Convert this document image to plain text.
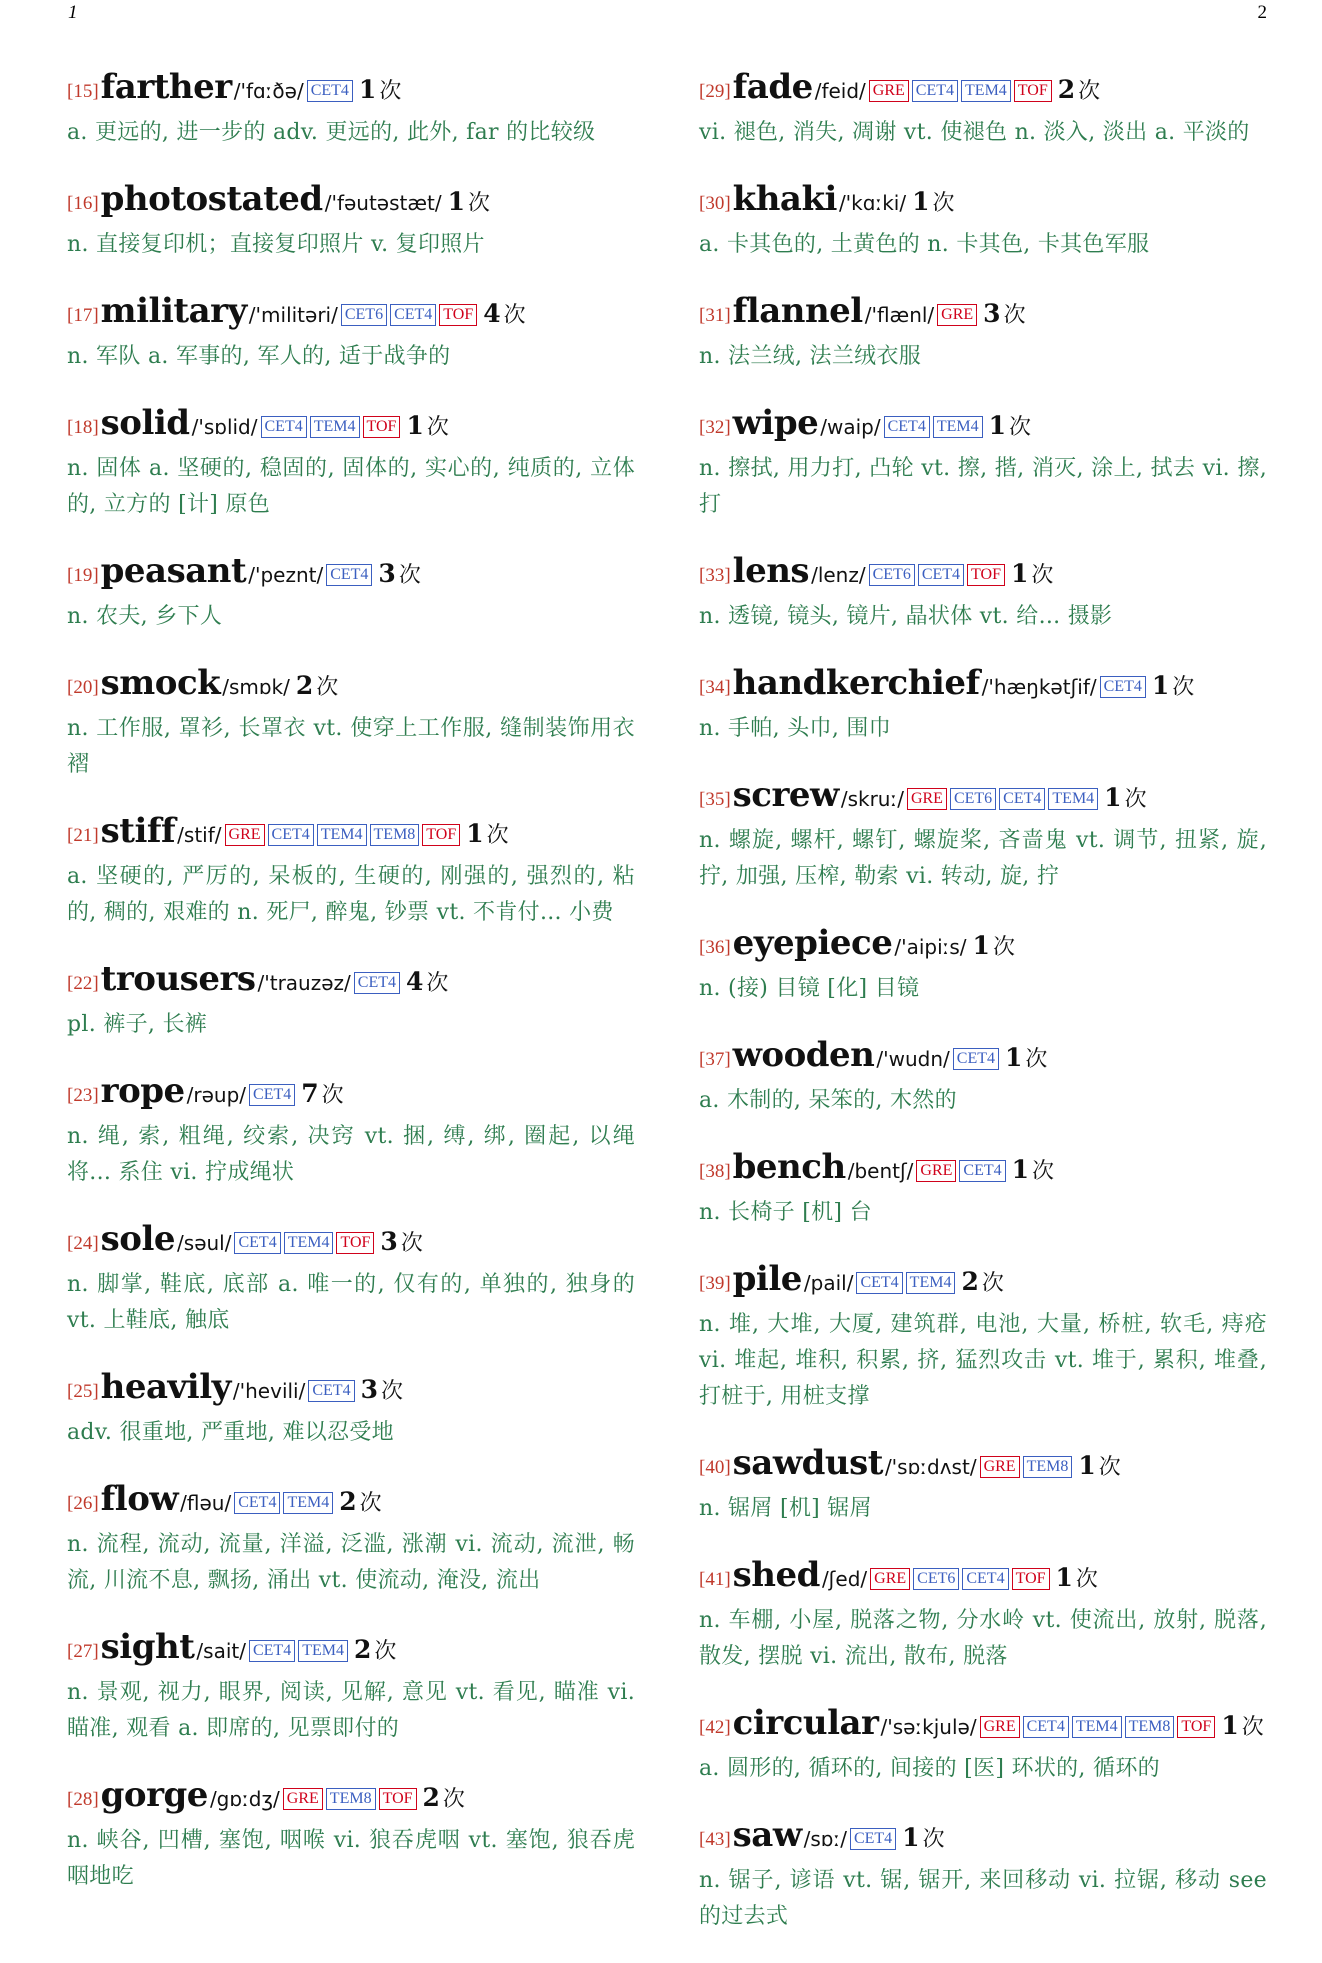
1	2
[15]farther /'fɑːðə/ CET4 1 次
a. 更远的, 进一步的 adv. 更远的, 此外, far 的比较级
[16]photostated /'fəutəstæt/ 1 次
n. 直接复印机；直接复印照片 v. 复印照片
[17]military /'militəri/ CET6 CET4 TOF 4 次
n. 军队 a. 军事的, 军人的, 适于战争的
[18]solid /'sɒlid/ CET4 TEM4 TOF 1 次
n. 固体 a. 坚硬的, 稳固的, 固体的, 实心的, 纯质的, 立体的, 立方的 [计] 原色
[19]peasant /'peznt/ CET4 3 次
n. 农夫, 乡下人
[20]smock /smɒk/ 2 次
n. 工作服, 罩衫, 长罩衣 vt. 使穿上工作服, 缝制装饰用衣褶
[21]stiff /stif/ GRE CET4 TEM4 TEM8 TOF 1 次
a. 坚硬的, 严厉的, 呆板的, 生硬的, 刚强的, 强烈的, 粘的, 稠的, 艰难的 n. 死尸, 醉鬼, 钞票 vt. 不肯付... 小费
[22]trousers /'trauzəz/ CET4 4 次
pl. 裤子, 长裤
[23]rope /rəup/ CET4 7 次
n. 绳, 索, 粗绳, 绞索, 决窍 vt. 捆, 缚, 绑, 圈起, 以绳将... 系住 vi. 拧成绳状
[24]sole /səul/ CET4 TEM4 TOF 3 次
n. 脚掌, 鞋底, 底部 a. 唯一的, 仅有的, 单独的, 独身的 vt. 上鞋底, 触底
[25]heavily /'hevili/ CET4 3 次
adv. 很重地, 严重地, 难以忍受地
[26]flow /fləu/ CET4 TEM4 2 次
n. 流程, 流动, 流量, 洋溢, 泛滥, 涨潮 vi. 流动, 流泄, 畅流, 川流不息, 飘扬, 涌出 vt. 使流动, 淹没, 流出
[27]sight /sait/ CET4 TEM4 2 次
n. 景观, 视力, 眼界, 阅读, 见解, 意见 vt. 看见, 瞄准 vi. 瞄准, 观看 a. 即席的, 见票即付的
[28]gorge /gɒːdʒ/ GRE TEM8 TOF 2 次
n. 峡谷, 凹槽, 塞饱, 咽喉 vi. 狼吞虎咽 vt. 塞饱, 狼吞虎咽地吃
[29]fade /feid/ GRE CET4 TEM4 TOF 2 次
vi. 褪色, 消失, 凋谢 vt. 使褪色 n. 淡入, 淡出 a. 平淡的
[30]khaki /'kɑːki/ 1 次
a. 卡其色的, 土黄色的 n. 卡其色, 卡其色军服
[31]flannel /'flænl/ GRE 3 次
n. 法兰绒, 法兰绒衣服
[32]wipe /waip/ CET4 TEM4 1 次
n. 擦拭, 用力打, 凸轮 vt. 擦, 揩, 消灭, 涂上, 拭去 vi. 擦, 打
[33]lens /lenz/ CET6 CET4 TOF 1 次
n. 透镜, 镜头, 镜片, 晶状体 vt. 给... 摄影
[34]handkerchief /'hæŋkətʃif/ CET4 1 次
n. 手帕, 头巾, 围巾
[35]screw /skruː/ GRE CET6 CET4 TEM4 1 次
n. 螺旋, 螺杆, 螺钉, 螺旋桨, 吝啬鬼 vt. 调节, 扭紧, 旋, 拧, 加强, 压榨, 勒索 vi. 转动, 旋, 拧
[36]eyepiece /'aipiːs/ 1 次
n. (接) 目镜 [化] 目镜
[37]wooden /'wudn/ CET4 1 次
a. 木制的, 呆笨的, 木然的
[38]bench /bentʃ/ GRE CET4 1 次
n. 长椅子 [机] 台
[39]pile /pail/ CET4 TEM4 2 次
n. 堆, 大堆, 大厦, 建筑群, 电池, 大量, 桥桩, 软毛, 痔疮 vi. 堆起, 堆积, 积累, 挤, 猛烈攻击 vt. 堆于, 累积, 堆叠, 打桩于, 用桩支撑
[40]sawdust /'sɒːdʌst/ GRE TEM8 1 次
n. 锯屑 [机] 锯屑
[41]shed /ʃed/ GRE CET6 CET4 TOF 1 次
n. 车棚, 小屋, 脱落之物, 分水岭 vt. 使流出, 放射, 脱落, 散发, 摆脱 vi. 流出, 散布, 脱落
[42]circular /'səːkjulə/ GRE CET4 TEM4 TEM8 TOF 1 次
a. 圆形的, 循环的, 间接的 [医] 环状的, 循环的
[43]saw /sɒː/ CET4 1 次
n. 锯子, 谚语 vt. 锯, 锯开, 来回移动 vi. 拉锯, 移动 see 的过去式
